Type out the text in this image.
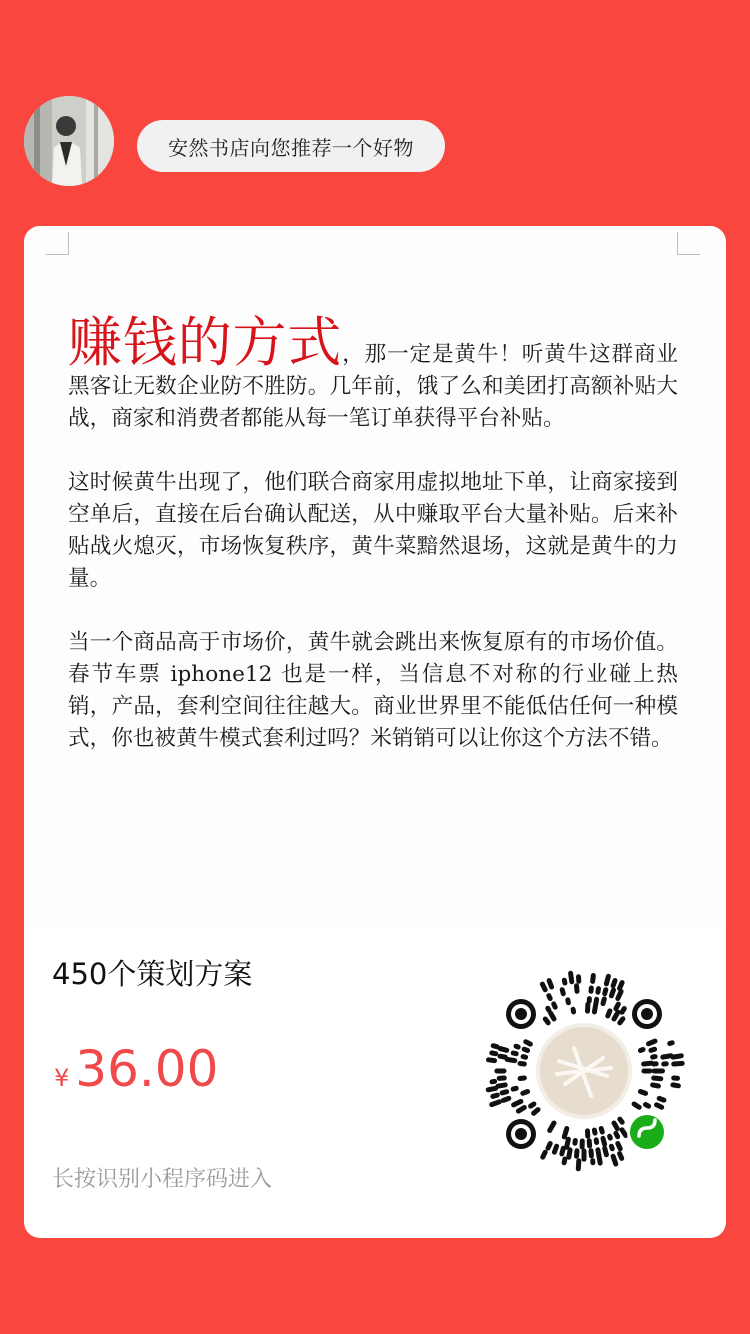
安然书店向您推荐一个好物

赚钱的方式，那一定是黄牛！听黄牛这群商业黑客让无数企业防不胜防。几年前，饿了么和美团打高额补贴大战，商家和消费者都能从每一笔订单获得平台补贴。

这时候黄牛出现了，他们联合商家用虚拟地址下单，让商家接到空单后，直接在后台确认配送，从中赚取平台大量补贴。后来补贴战火熄灭，市场恢复秩序，黄牛菜黯然退场，这就是黄牛的力量。

当一个商品高于市场价，黄牛就会跳出来恢复原有的市场价值。春节车票 iphone12 也是一样，当信息不对称的行业碰上热销，产品，套利空间往往越大。商业世界里不能低估任何一种模式，你也被黄牛模式套利过吗？米销销可以让你这个方法不错。

450个策划方案
¥ 36.00
长按识别小程序码进入
